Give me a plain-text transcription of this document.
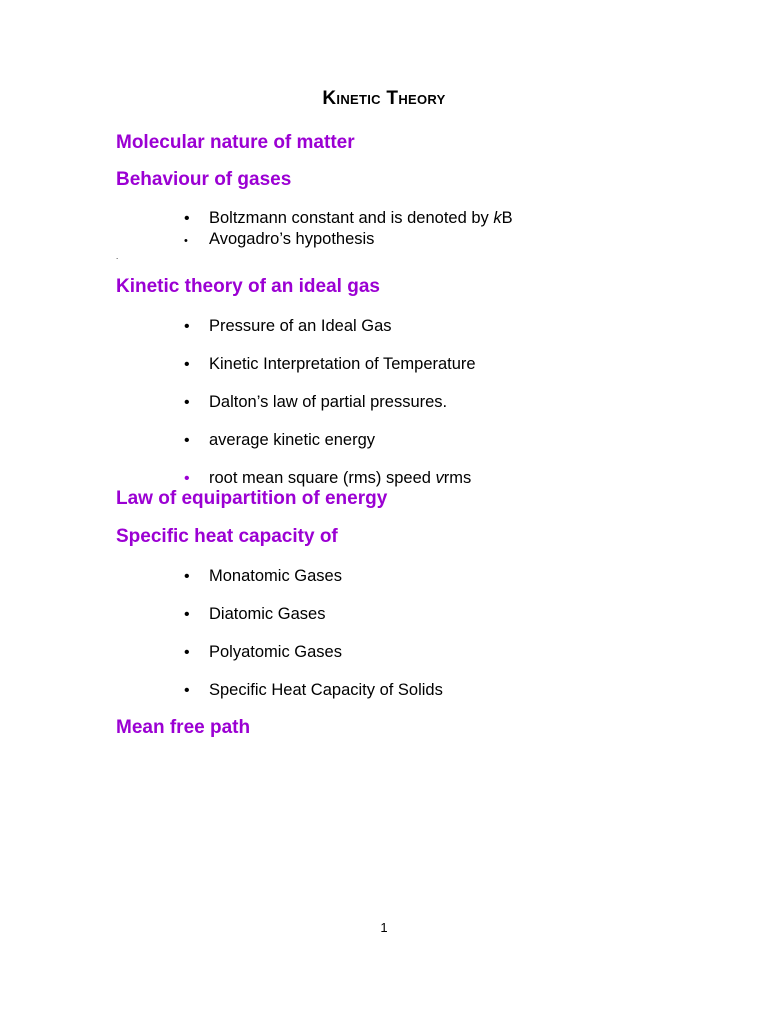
Kinetic Theory
Molecular nature of matter
Behaviour of gases
•	Boltzmann constant and is denoted by kB
•	Avogadro’s hypothesis
.
Kinetic theory of an ideal gas
•	Pressure of an Ideal Gas
•	Kinetic Interpretation of Temperature
•	Dalton’s law of partial pressures.
•	average kinetic energy
•	root mean square (rms) speed vrms
Law of equipartition of energy
Specific heat capacity of
•	Monatomic Gases
•	Diatomic Gases
•	Polyatomic Gases
•	Specific Heat Capacity of Solids
Mean free path
1
